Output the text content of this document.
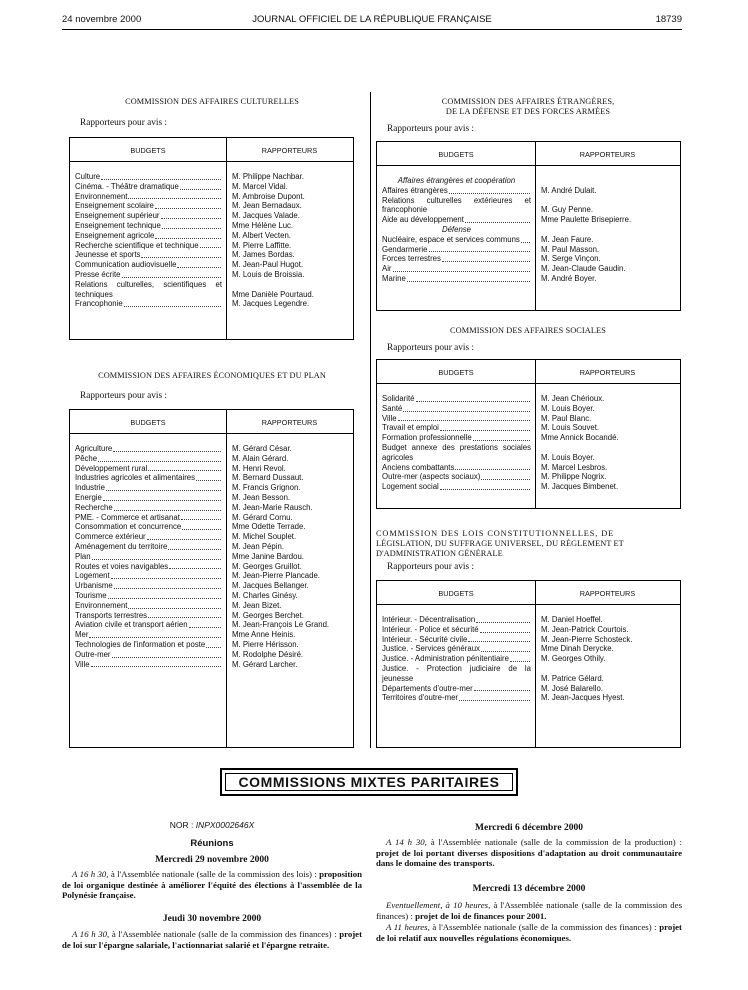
24 novembre 2000	JOURNAL OFFICIEL DE LA RÉPUBLIQUE FRANÇAISE	18739
COMMISSION DES AFFAIRES CULTURELLES
Rapporteurs pour avis :
BUDGETS	RAPPORTEURS
Culture	M. Philippe Nachbar.
Cinéma. - Théâtre dramatique	M. Marcel Vidal.
Environnement	M. Ambroise Dupont.
Enseignement scolaire	M. Jean Bernadaux.
Enseignement supérieur	M. Jacques Valade.
Enseignement technique	Mme Hélène Luc.
Enseignement agricole	M. Albert Vecten.
Recherche scientifique et technique	M. Pierre Laffitte.
Jeunesse et sports	M. James Bordas.
Communication audiovisuelle	M. Jean-Paul Hugot.
Presse écrite	M. Louis de Broissia.
Relations culturelles, scientifiques et techniques	Mme Danièle Pourtaud.
Francophonie	M. Jacques Legendre.
COMMISSION DES AFFAIRES ÉCONOMIQUES ET DU PLAN
Rapporteurs pour avis :
BUDGETS	RAPPORTEURS
Agriculture	M. Gérard César.
Pêche	M. Alain Gérard.
Développement rural	M. Henri Revol.
Industries agricoles et alimentaires	M. Bernard Dussaut.
Industrie	M. Francis Grignon.
Energie	M. Jean Besson.
Recherche	M. Jean-Marie Rausch.
PME. - Commerce et artisanat	M. Gérard Cornu.
Consommation et concurrence	Mme Odette Terrade.
Commerce extérieur	M. Michel Souplet.
Aménagement du territoire	M. Jean Pépin.
Plan	Mme Janine Bardou.
Routes et voies navigables	M. Georges Gruillot.
Logement	M. Jean-Pierre Plancade.
Urbanisme	M. Jacques Bellanger.
Tourisme	M. Charles Ginésy.
Environnement	M. Jean Bizet.
Transports terrestres	M. Georges Berchet.
Aviation civile et transport aérien	M. Jean-François Le Grand.
Mer	Mme Anne Heinis.
Technologies de l'information et poste	M. Pierre Hérisson.
Outre-mer	M. Rodolphe Désiré.
Ville	M. Gérard Larcher.
COMMISSION DES AFFAIRES ÉTRANGÈRES,
DE LA DÉFENSE ET DES FORCES ARMÉES
Rapporteurs pour avis :
BUDGETS	RAPPORTEURS
Affaires étrangères et coopération
Affaires étrangères	M. André Dulait.
Relations culturelles extérieures et francophonie	M. Guy Penne.
Aide au développement	Mme Paulette Brisepierre.
Défense
Nucléaire, espace et services communs	M. Jean Faure.
Gendarmerie	M. Paul Masson.
Forces terrestres	M. Serge Vinçon.
Air	M. Jean-Claude Gaudin.
Marine	M. André Boyer.
COMMISSION DES AFFAIRES SOCIALES
Rapporteurs pour avis :
BUDGETS	RAPPORTEURS
Solidarité	M. Jean Chérioux.
Santé	M. Louis Boyer.
Ville	M. Paul Blanc.
Travail et emploi	M. Louis Souvet.
Formation professionnelle	Mme Annick Bocandé.
Budget annexe des prestations sociales agricoles	M. Louis Boyer.
Anciens combattants	M. Marcel Lesbros.
Outre-mer (aspects sociaux)	M. Philippe Nogrix.
Logement social	M. Jacques Bimbenet.
COMMISSION DES LOIS CONSTITUTIONNELLES, DE
LÉGISLATION, DU SUFFRAGE UNIVERSEL, DU RÈGLEMENT ET
D'ADMINISTRATION GÉNÉRALE
Rapporteurs pour avis :
BUDGETS	RAPPORTEURS
Intérieur. - Décentralisation	M. Daniel Hoeffel.
Intérieur. - Police et sécurité	M. Jean-Patrick Courtois.
Intérieur. - Sécurité civile	M. Jean-Pierre Schosteck.
Justice. - Services généraux	Mme Dinah Derycke.
Justice. - Administration pénitentiaire	M. Georges Othily.
Justice. - Protection judiciaire de la jeunesse	M. Patrice Gélard.
Départements d'outre-mer	M. José Balarello.
Territoires d'outre-mer	M. Jean-Jacques Hyest.
COMMISSIONS MIXTES PARITAIRES
NOR : INPX0002646X
Réunions
Mercredi 29 novembre 2000
A 16 h 30, à l'Assemblée nationale (salle de la commission des lois) : proposition de loi organique destinée à améliorer l'équité des élections à l'assemblée de la Polynésie française.
Jeudi 30 novembre 2000
A 16 h 30, à l'Assemblée nationale (salle de la commission des finances) : projet de loi sur l'épargne salariale, l'actionnariat salarié et l'épargne retraite.
Mercredi 6 décembre 2000
A 14 h 30, à l'Assemblée nationale (salle de la commission de la production) : projet de loi portant diverses dispositions d'adaptation au droit communautaire dans le domaine des transports.
Mercredi 13 décembre 2000
Eventuellement, à 10 heures, à l'Assemblée nationale (salle de la commission des finances) : projet de loi de finances pour 2001.
A 11 heures, à l'Assemblée nationale (salle de la commission des finances) : projet de loi relatif aux nouvelles régulations économiques.
